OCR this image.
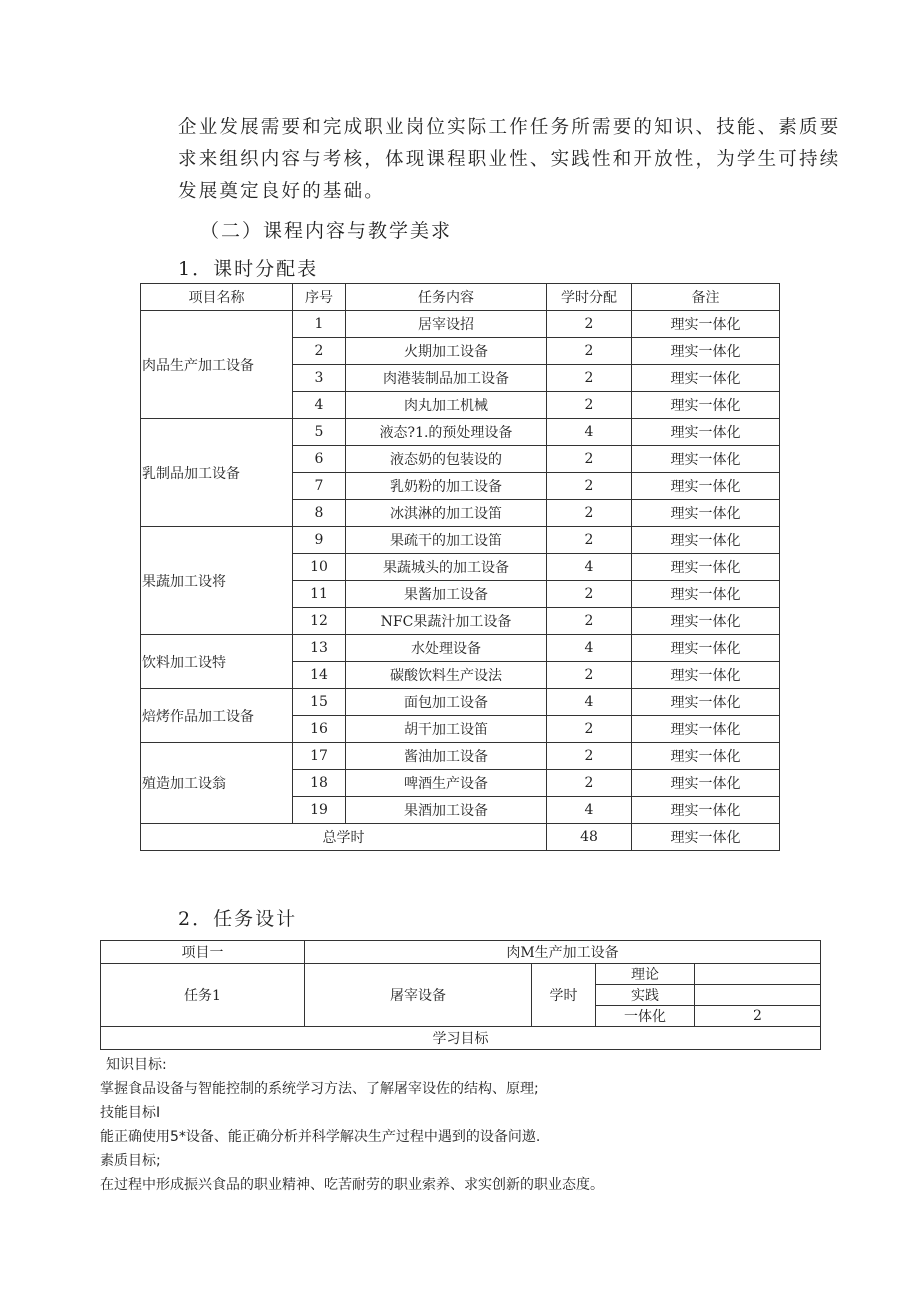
企业发展需要和完成职业岗位实际工作任务所需要的知识、技能、素质要
求来组织内容与考核，体现课程职业性、实践性和开放性，为学生可持续
发展奠定良好的基础。
（二）课程内容与教学美求
1．课时分配表
项目名称	序号	任务内容	学时分配	备注
肉品生产加工设备	1	居宰设招	2	理实一体化
	2	火期加工设备	2	理实一体化
	3	肉港装制品加工设备	2	理实一体化
	4	肉丸加工机械	2	理实一体化
乳制品加工设备	5	液态?1.的预处理设备	4	理实一体化
	6	液态奶的包装设的	2	理实一体化
	7	乳奶粉的加工设备	2	理实一体化
	8	冰淇淋的加工设笛	2	理实一体化
果蔬加工设将	9	果疏干的加工设笛	2	理实一体化
	10	果蔬城头的加工设备	4	理实一体化
	11	果酱加工设备	2	理实一体化
	12	NFC果蔬汁加工设备	2	理实一体化
饮料加工设特	13	水处理设备	4	理实一体化
	14	碳酸饮料生产设法	2	理实一体化
焙烤作品加工设备	15	面包加工设备	4	理实一体化
	16	胡干加工设笛	2	理实一体化
殖造加工设翁	17	酱油加工设备	2	理实一体化
	18	啤酒生产设备	2	理实一体化
	19	果酒加工设备	4	理实一体化
总学时			48	理实一体化
2．任务设计
项目一	肉M生产加工设备			
任务1	屠宰设备	学时	理论	
			实践	
			一体化	2
学习目标				
知识目标:
掌握食品设备与智能控制的系统学习方法、了解屠宰设佐的结构、原理;
技能目标I
能正确使用5*设备、能正确分析并科学解决生产过程中遇到的设备问遨.
素质目标;
在过程中形成振兴食品的职业精神、吃苦耐劳的职业索养、求实创新的职业态度。
